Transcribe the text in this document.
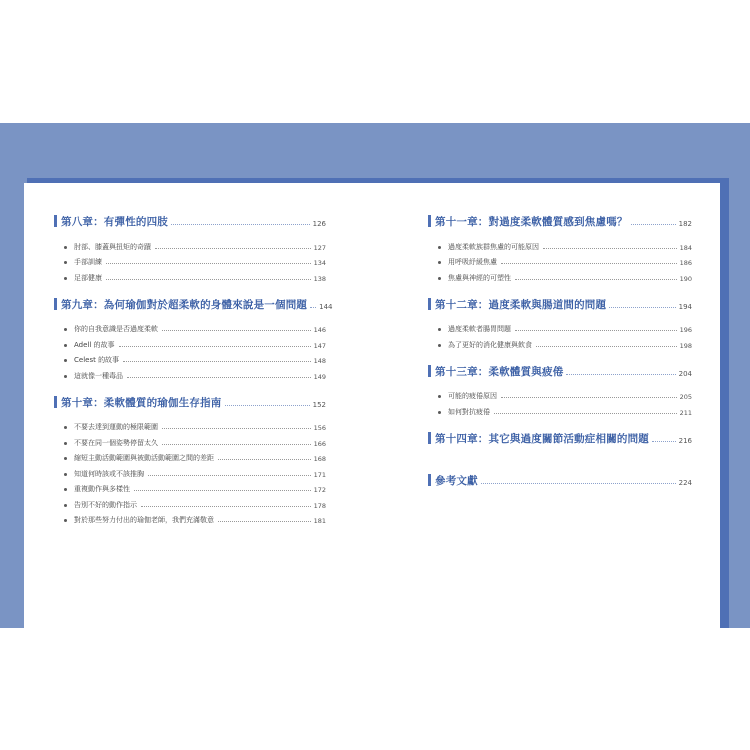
第八章：有彈性的四肢	126
肘部、膝蓋與扭矩的奇蹟	127
手部訓練	134
足部健康	138
第九章：為何瑜伽對於超柔軟的身體來說是一個問題 144
你的自我意識是否過度柔軟	146
Adell 的故事	147
Celest 的故事	148
這就像一種毒品	149
第十章：柔軟體質的瑜伽生存指南	152
不要去達到運動的極限範圍	156
不要在同一個姿勢停留太久	166
縮短主動活動範圍與被動活動範圍之間的差距	168
知道何時該或不該推胸	171
重複動作與多樣性	172
告別不好的動作指示	178
對於那些努力付出的瑜伽老師，我們充滿敬意	181
第十一章：對過度柔軟體質感到焦慮嗎？	182
過度柔軟族群焦慮的可能原因	184
用呼吸紓緩焦慮	186
焦慮與神經的可塑性	190
第十二章：過度柔軟與腸道間的問題	194
過度柔軟者腸胃問題	196
為了更好的消化健康與飲食	198
第十三章：柔軟體質與疲倦	204
可能的疲倦原因	205
如何對抗疲倦	211
第十四章：其它與過度關節活動症相關的問題	216
參考文獻	224
